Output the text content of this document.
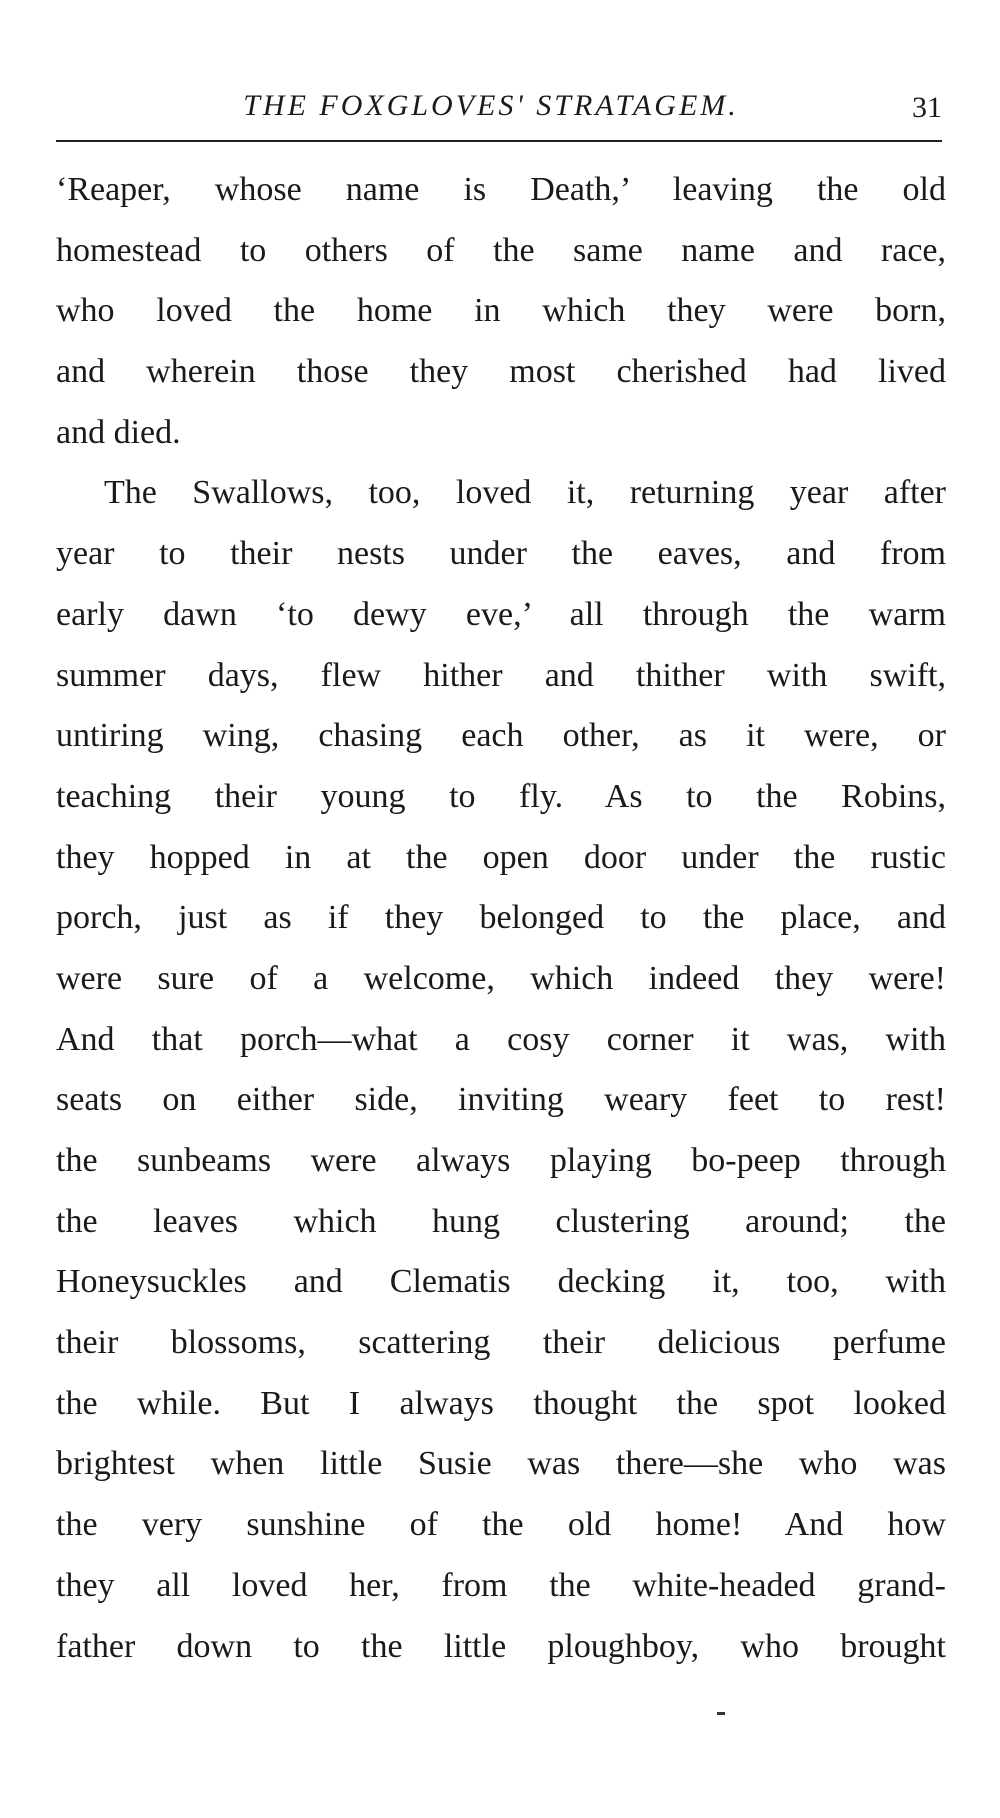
THE FOXGLOVES' STRATAGEM.	31
‘Reaper, whose name is Death,’ leaving the old
homestead to others of the same name and race,
who loved the home in which they were born,
and wherein those they most cherished had lived
and died.
The Swallows, too, loved it, returning year after
year to their nests under the eaves, and from
early dawn ‘to dewy eve,’ all through the warm
summer days, flew hither and thither with swift,
untiring wing, chasing each other, as it were, or
teaching their young to fly. As to the Robins,
they hopped in at the open door under the rustic
porch, just as if they belonged to the place, and
were sure of a welcome, which indeed they were!
And that porch—what a cosy corner it was, with
seats on either side, inviting weary feet to rest!
the sunbeams were always playing bo-peep through
the leaves which hung clustering around; the
Honeysuckles and Clematis decking it, too, with
their blossoms, scattering their delicious perfume
the while. But I always thought the spot looked
brightest when little Susie was there—she who was
the very sunshine of the old home! And how
they all loved her, from the white-headed grand-
father down to the little ploughboy, who brought
